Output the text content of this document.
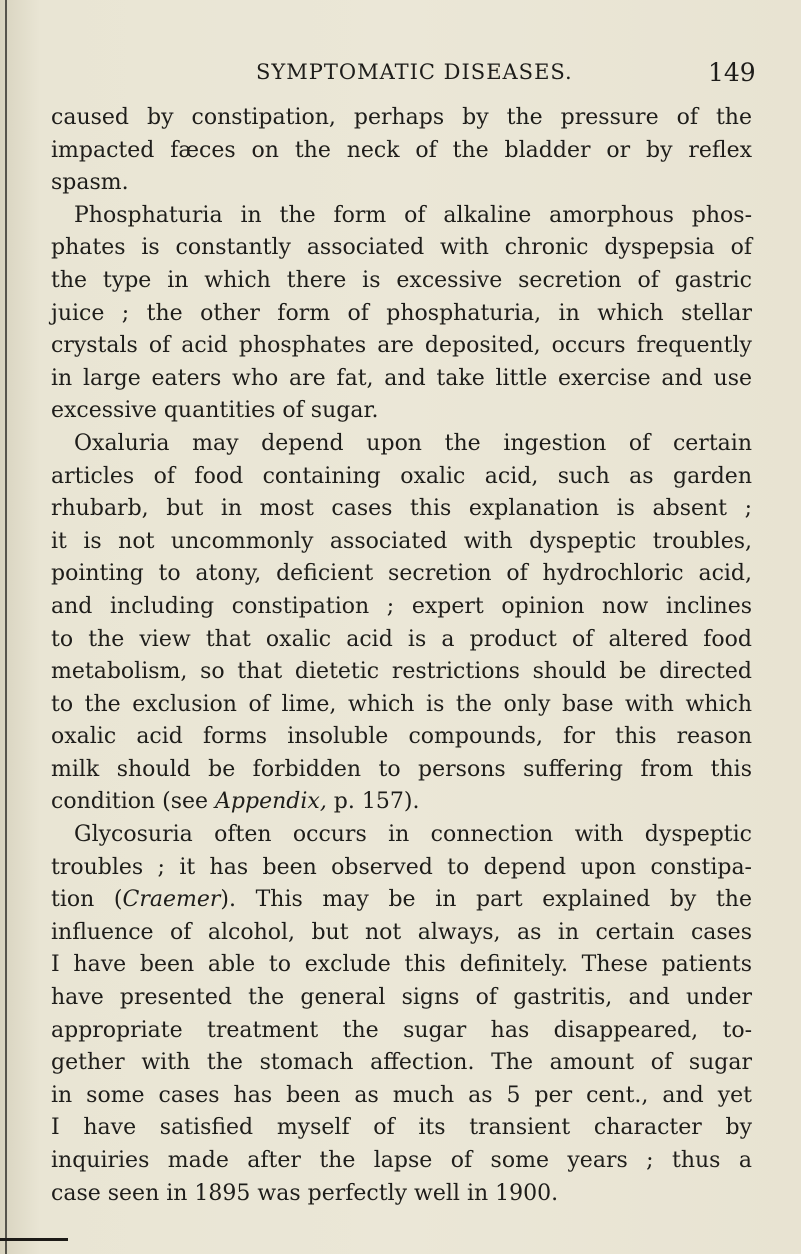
SYMPTOMATIC DISEASES.	149
caused by constipation, perhaps by the pressure of the
impacted fæces on the neck of the bladder or by reflex
spasm.
Phosphaturia in the form of alkaline amorphous phos-
phates is constantly associated with chronic dyspepsia of
the type in which there is excessive secretion of gastric
juice ; the other form of phosphaturia, in which stellar
crystals of acid phosphates are deposited, occurs frequently
in large eaters who are fat, and take little exercise and use
excessive quantities of sugar.
Oxaluria may depend upon the ingestion of certain
articles of food containing oxalic acid, such as garden
rhubarb, but in most cases this explanation is absent ;
it is not uncommonly associated with dyspeptic troubles,
pointing to atony, deficient secretion of hydrochloric acid,
and including constipation ; expert opinion now inclines
to the view that oxalic acid is a product of altered food
metabolism, so that dietetic restrictions should be directed
to the exclusion of lime, which is the only base with which
oxalic acid forms insoluble compounds, for this reason
milk should be forbidden to persons suffering from this
condition (see Appendix, p. 157).
Glycosuria often occurs in connection with dyspeptic
troubles ; it has been observed to depend upon constipa-
tion (Craemer). This may be in part explained by the
influence of alcohol, but not always, as in certain cases
I have been able to exclude this definitely. These patients
have presented the general signs of gastritis, and under
appropriate treatment the sugar has disappeared, to-
gether with the stomach affection. The amount of sugar
in some cases has been as much as 5 per cent., and yet
I have satisfied myself of its transient character by
inquiries made after the lapse of some years ; thus a
case seen in 1895 was perfectly well in 1900.
